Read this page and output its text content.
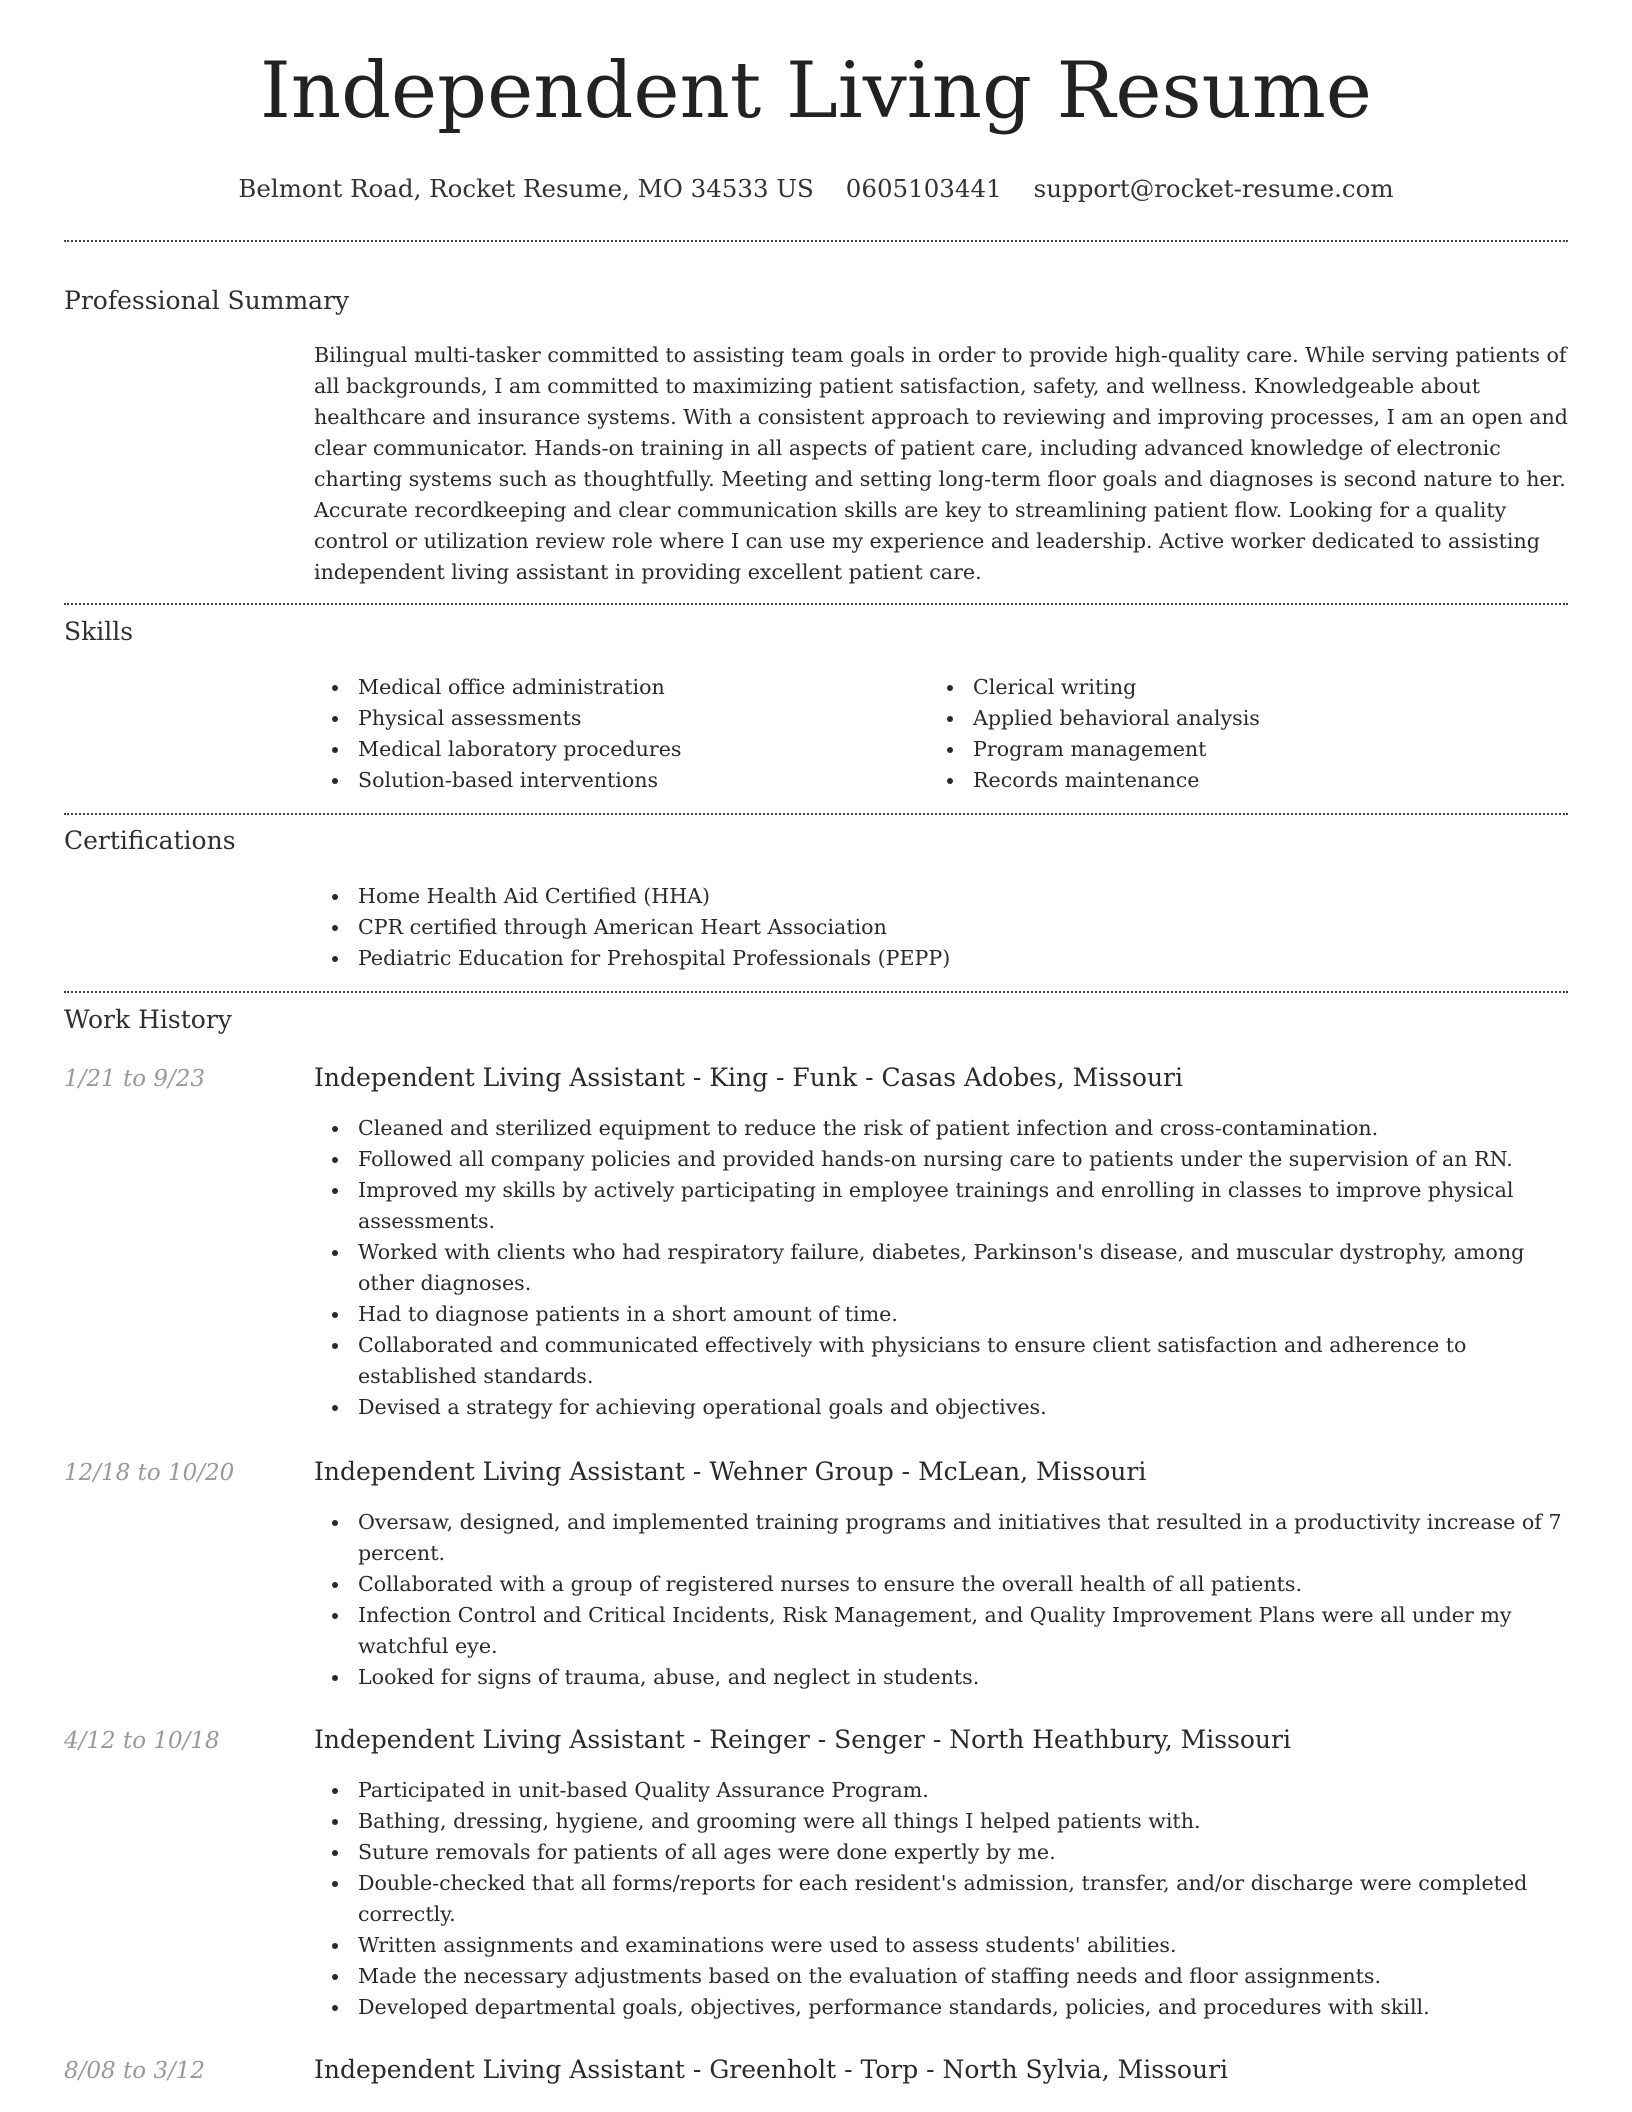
Independent Living Resume
Belmont Road, Rocket Resume, MO 34533 US 0605103441 support@rocket-resume.com
Professional Summary

Bilingual multi-tasker committed to assisting team goals in order to provide high-quality care. While serving patients of all backgrounds, I am committed to maximizing patient satisfaction, safety, and wellness. Knowledgeable about healthcare and insurance systems. With a consistent approach to reviewing and improving processes, I am an open and clear communicator. Hands-on training in all aspects of patient care, including advanced knowledge of electronic charting systems such as thoughtfully. Meeting and setting long-term floor goals and diagnoses is second nature to her. Accurate recordkeeping and clear communication skills are key to streamlining patient flow. Looking for a quality control or utilization review role where I can use my experience and leadership. Active worker dedicated to assisting independent living assistant in providing excellent patient care.

Skills
Medical office administration
Physical assessments
Medical laboratory procedures
Solution-based interventions
Clerical writing
Applied behavioral analysis
Program management
Records maintenance
Certifications
Home Health Aid Certified (HHA)
CPR certified through American Heart Association
Pediatric Education for Prehospital Professionals (PEPP)
Work History
1/21 to 9/23	Independent Living Assistant - King - Funk - Casas Adobes, Missouri
Cleaned and sterilized equipment to reduce the risk of patient infection and cross-contamination.
Followed all company policies and provided hands-on nursing care to patients under the supervision of an RN.
Improved my skills by actively participating in employee trainings and enrolling in classes to improve physical assessments.
Worked with clients who had respiratory failure, diabetes, Parkinson's disease, and muscular dystrophy, among other diagnoses.
Had to diagnose patients in a short amount of time.
Collaborated and communicated effectively with physicians to ensure client satisfaction and adherence to established standards.
Devised a strategy for achieving operational goals and objectives.
12/18 to 10/20	Independent Living Assistant - Wehner Group - McLean, Missouri
Oversaw, designed, and implemented training programs and initiatives that resulted in a productivity increase of 7 percent.
Collaborated with a group of registered nurses to ensure the overall health of all patients.
Infection Control and Critical Incidents, Risk Management, and Quality Improvement Plans were all under my watchful eye.
Looked for signs of trauma, abuse, and neglect in students.
4/12 to 10/18	Independent Living Assistant - Reinger - Senger - North Heathbury, Missouri
Participated in unit-based Quality Assurance Program.
Bathing, dressing, hygiene, and grooming were all things I helped patients with.
Suture removals for patients of all ages were done expertly by me.
Double-checked that all forms/reports for each resident's admission, transfer, and/or discharge were completed correctly.
Written assignments and examinations were used to assess students' abilities.
Made the necessary adjustments based on the evaluation of staffing needs and floor assignments.
Developed departmental goals, objectives, performance standards, policies, and procedures with skill.
8/08 to 3/12	Independent Living Assistant - Greenholt - Torp - North Sylvia, Missouri
